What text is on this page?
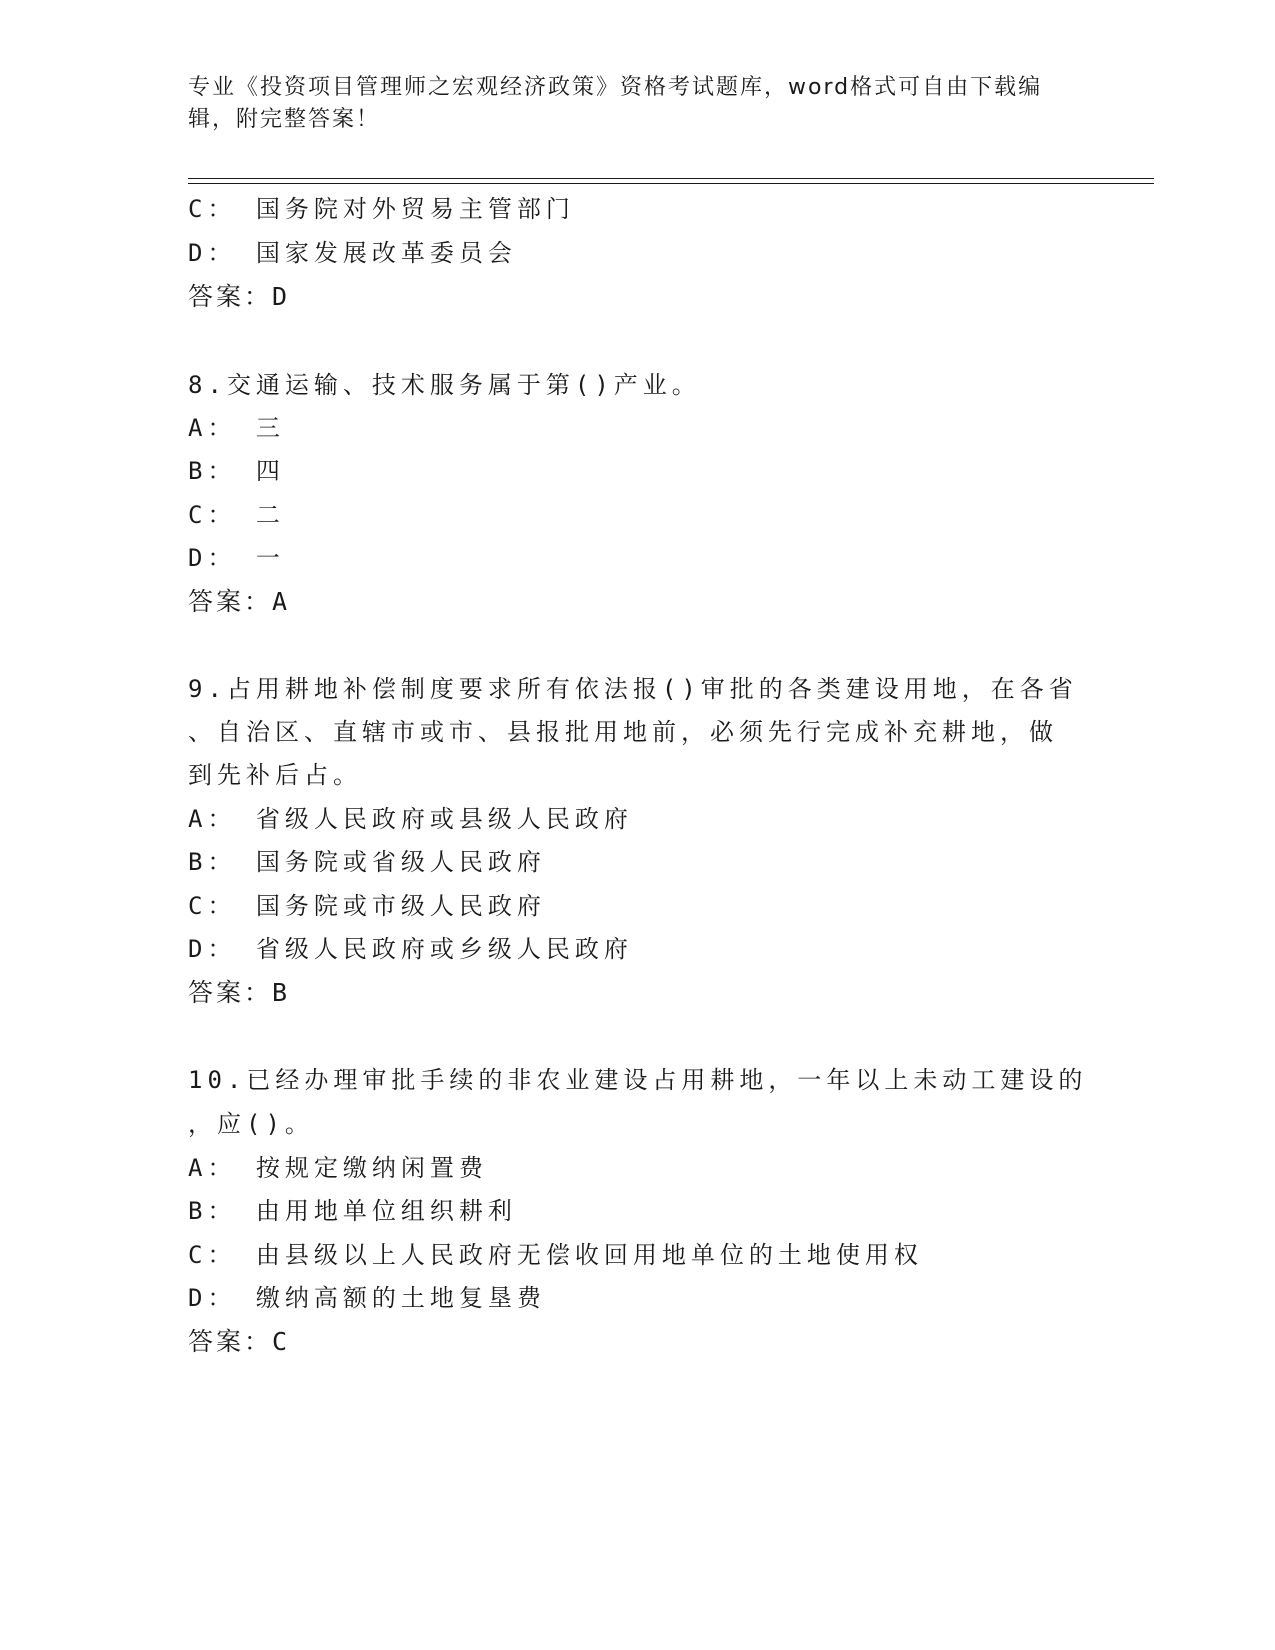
专业《投资项目管理师之宏观经济政策》资格考试题库，word格式可自由下载编
辑，附完整答案！
C： 国务院对外贸易主管部门
D： 国家发展改革委员会
答案：D
8.交通运输、技术服务属于第()产业。
A： 三
B： 四
C： 二
D： 一
答案：A
9.占用耕地补偿制度要求所有依法报()审批的各类建设用地，在各省
、自治区、直辖市或市、县报批用地前，必须先行完成补充耕地，做
到先补后占。
A： 省级人民政府或县级人民政府
B： 国务院或省级人民政府
C： 国务院或市级人民政府
D： 省级人民政府或乡级人民政府
答案：B
10.已经办理审批手续的非农业建设占用耕地，一年以上未动工建设的
，应()。
A： 按规定缴纳闲置费
B： 由用地单位组织耕利
C： 由县级以上人民政府无偿收回用地单位的土地使用权
D： 缴纳高额的土地复垦费
答案：C
